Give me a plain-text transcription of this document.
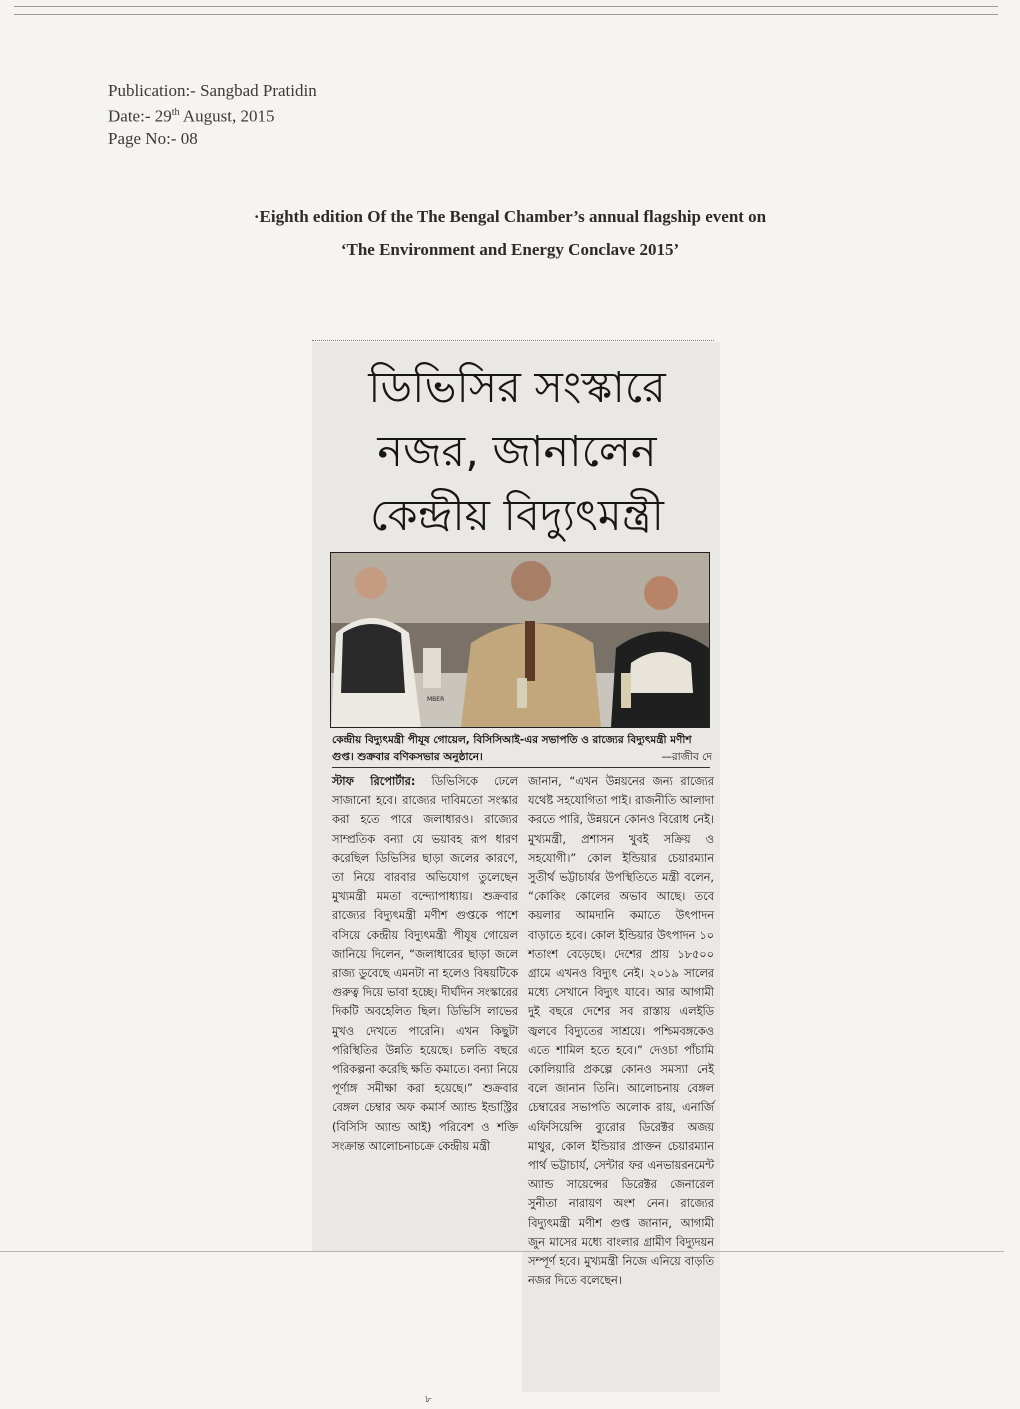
Publication:- Sangbad Pratidin
Date:- 29th August, 2015
Page No:- 08
·Eighth edition Of the The Bengal Chamber’s annual flagship event on
‘The Environment and Energy Conclave 2015’
ডিভিসির সংস্কারে
নজর, জানালেন
কেন্দ্রীয় বিদ্যুৎমন্ত্রী
MBER
কেন্দ্রীয় বিদ্যুৎমন্ত্রী পীযূষ গোয়েল, বিসিসিআই-এর সভাপতি ও রাজ্যের বিদ্যুৎমন্ত্রী মণীশ গুপ্ত। শুক্রবার বণিকসভার অনুষ্ঠানে।	—রাজীব দে
স্টাফ রিপোর্টার: ডিভিসিকে ঢেলে সাজানো হবে। রাজ্যের দাবিমতো সংস্কার করা হতে পারে জলাধারও। রাজ্যের সাম্প্রতিক বন্যা যে ভয়াবহ রূপ ধারণ করেছিল ডিভিসির ছাড়া জলের কারণে, তা নিয়ে বারবার অভিযোগ তুলেছেন মুখ্যমন্ত্রী মমতা বন্দ্যোপাধ্যায়। শুক্রবার রাজ্যের বিদ্যুৎমন্ত্রী মণীশ গুপ্তকে পাশে বসিয়ে কেন্দ্রীয় বিদ্যুৎমন্ত্রী পীযূষ গোয়েল জানিয়ে দিলেন, “জলাধারের ছাড়া জলে রাজ্য ডুবেছে এমনটা না হলেও বিষয়টিকে গুরুত্ব দিয়ে ভাবা হচ্ছে। দীর্ঘদিন সংস্কারের দিকটি অবহেলিত ছিল। ডিভিসি লাভের মুখও দেখতে পারেনি। এখন কিছুটা পরিস্থিতির উন্নতি হয়েছে। চলতি বছরে পরিকল্পনা করেছি ক্ষতি কমাতে। বন্যা নিয়ে পূর্ণাঙ্গ সমীক্ষা করা হয়েছে।” শুক্রবার বেঙ্গল চেম্বার অফ কমার্স অ্যান্ড ইন্ডাস্ট্রির (বিসিসি অ্যান্ড আই) পরিবেশ ও শক্তি সংক্রান্ত আলোচনাচক্রে কেন্দ্রীয় মন্ত্রী
জানান, “এখন উন্নয়নের জন্য রাজ্যের যথেষ্ট সহযোগিতা পাই। রাজনীতি আলাদা করতে পারি, উন্নয়নে কোনও বিরোধ নেই। মুখ্যমন্ত্রী, প্রশাসন খুবই সক্রিয় ও সহযোগী।” কোল ইন্ডিয়ার চেয়ারম্যান সুতীর্থ ভট্টাচার্যর উপস্থিতিতে মন্ত্রী বলেন, “কোকিং কোলের অভাব আছে। তবে কয়লার আমদানি কমাতে উৎপাদন বাড়াতে হবে। কোল ইন্ডিয়ার উৎপাদন ১০ শতাংশ বেড়েছে। দেশের প্রায় ১৮৫০০ গ্রামে এখনও বিদ্যুৎ নেই। ২০১৯ সালের মধ্যে সেখানে বিদ্যুৎ যাবে। আর আগামী দুই বছরে দেশের সব রাস্তায় এলইডি জ্বলবে বিদ্যুতের সাশ্রয়ে। পশ্চিমবঙ্গকেও এতে শামিল হতে হবে।” দেওচা পাঁচামি কোলিয়ারি প্রকল্পে কোনও সমস্যা নেই বলে জানান তিনি। আলোচনায় বেঙ্গল চেম্বারের সভাপতি অলোক রায়, এনার্জি এফিসিয়েন্সি ব্যুরোর ডিরেক্টর অজয় মাথুর, কোল ইন্ডিয়ার প্রাক্তন চেয়ারম্যান পার্থ ভট্টাচার্য, সেন্টার ফর এনভায়রনমেন্ট অ্যান্ড সায়েন্সের ডিরেক্টর জেনারেল সুনীতা নারায়ণ অংশ নেন। রাজ্যের বিদ্যুৎমন্ত্রী মণীশ গুপ্ত জানান, আগামী জুন মাসের মধ্যে বাংলার গ্রামীণ বিদ্যুদয়ন সম্পূর্ণ হবে। মুখ্যমন্ত্রী নিজে এনিয়ে বাড়তি নজর দিতে বলেছেন।
৮
